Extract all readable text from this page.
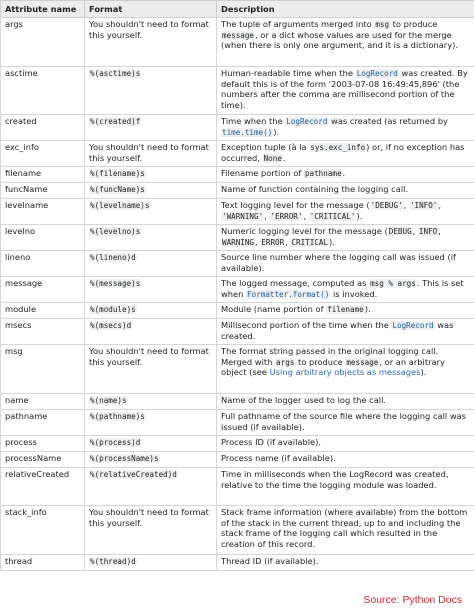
Attribute name	Format	Description
args	You shouldn't need to format this yourself.	The tuple of arguments merged into msg to produce message, or a dict whose values are used for the merge (when there is only one argument, and it is a dictionary).
asctime	%(asctime)s	Human-readable time when the LogRecord was created. By default this is of the form '2003-07-08 16:49:45,896' (the numbers after the comma are millisecond portion of the time).
created	%(created)f	Time when the LogRecord was created (as returned by time.time()).
exc_info	You shouldn't need to format this yourself.	Exception tuple (à la sys.exc_info) or, if no exception has occurred, None.
filename	%(filename)s	Filename portion of pathname.
funcName	%(funcName)s	Name of function containing the logging call.
levelname	%(levelname)s	Text logging level for the message ('DEBUG', 'INFO', 'WARNING', 'ERROR', 'CRITICAL').
levelno	%(levelno)s	Numeric logging level for the message (DEBUG, INFO, WARNING, ERROR, CRITICAL).
lineno	%(lineno)d	Source line number where the logging call was issued (if available).
message	%(message)s	The logged message, computed as msg % args. This is set when Formatter.format() is invoked.
module	%(module)s	Module (name portion of filename).
msecs	%(msecs)d	Millisecond portion of the time when the LogRecord was created.
msg	You shouldn't need to format this yourself.	The format string passed in the original logging call. Merged with args to produce message, or an arbitrary object (see Using arbitrary objects as messages).
name	%(name)s	Name of the logger used to log the call.
pathname	%(pathname)s	Full pathname of the source file where the logging call was issued (if available).
process	%(process)d	Process ID (if available).
processName	%(processName)s	Process name (if available).
relativeCreated	%(relativeCreated)d	Time in milliseconds when the LogRecord was created, relative to the time the logging module was loaded.
stack_info	You shouldn't need to format this yourself.	Stack frame information (where available) from the bottom of the stack in the current thread, up to and including the stack frame of the logging call which resulted in the creation of this record.
thread	%(thread)d	Thread ID (if available).
Source: Python Docs
